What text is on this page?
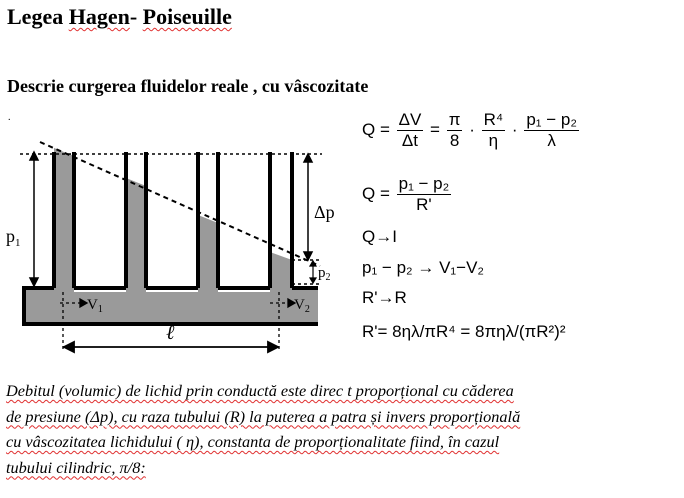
Legea Hagen- Poiseuille
Descrie curgerea fluidelor reale , cu vâscozitate
.
$p_1$
Δp
$p_2$
$V_1$	$V_2$
ℓ
$Q = \frac{\Delta V}{\Delta t} = \frac{\pi}{8} \cdot \frac{\text{R⁴}}{\eta} \cdot \frac{\text{p₁ − p₂}}{\lambda}$
$Q = \frac{\text{p₁ − p₂}}{R'}$
Q→I
p₁ − p₂ → V₁−V₂
R'→R
R'= 8ηλ/πR⁴ = 8πηλ/(πR²)²
Debitul (volumic) de lichid prin conductă este direc t proporțional cu căderea
de presiune (Δp), cu raza tubului (R) la puterea a patra și invers proporțională
cu vâscozitatea lichidului ( η), constanta de proporționalitate fiind, în cazul
tubului cilindric, π/8:
